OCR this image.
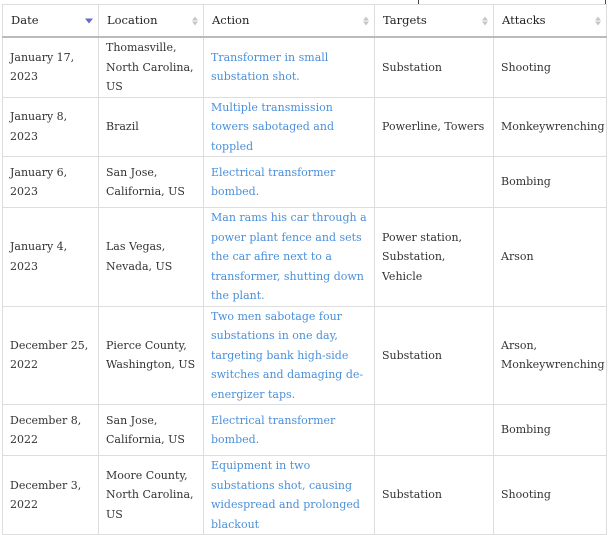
Date	Location	Action	Targets	Attacks

January 17, 2023	Thomasville, North Carolina, US	Transformer in small substation shot.	Substation	Shooting
January 8, 2023	Brazil	Multiple transmission towers sabotaged and toppled	Powerline, Towers	Monkeywrenching
January 6, 2023	San Jose, California, US	Electrical transformer bombed.		Bombing
January 4, 2023	Las Vegas, Nevada, US	Man rams his car through a power plant fence and sets the car afire next to a transformer, shutting down the plant.	Power station, Substation, Vehicle	Arson
December 25, 2022	Pierce County, Washington, US	Two men sabotage four substations in one day, targeting bank high-side switches and damaging de-energizer taps.	Substation	Arson, Monkeywrenching
December 8, 2022	San Jose, California, US	Electrical transformer bombed.		Bombing
December 3, 2022	Moore County, North Carolina, US	Equipment in two substations shot, causing widespread and prolonged blackout	Substation	Shooting
